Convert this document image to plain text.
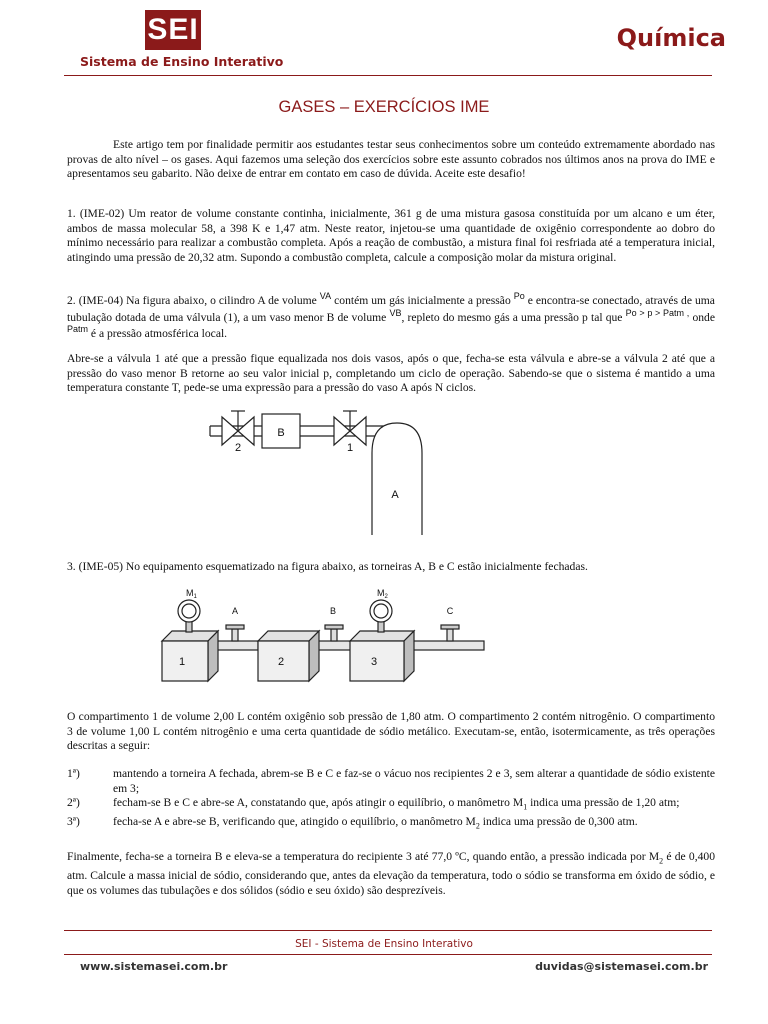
SEI
Sistema de Ensino Interativo
Química
GASES – EXERCÍCIOS IME
Este artigo tem por finalidade permitir aos estudantes testar seus conhecimentos sobre um conteúdo extremamente abordado nas provas de alto nível – os gases. Aqui fazemos uma seleção dos exercícios sobre este assunto cobrados nos últimos anos na prova do IME e apresentamos seu gabarito. Não deixe de entrar em contato em caso de dúvida. Aceite este desafio!
1. (IME-02) Um reator de volume constante continha, inicialmente, 361 g de uma mistura gasosa constituída por um alcano e um éter, ambos de massa molecular 58, a 398 K e 1,47 atm. Neste reator, injetou-se uma quantidade de oxigênio correspondente ao dobro do mínimo necessário para realizar a combustão completa. Após a reação de combustão, a mistura final foi resfriada até a temperatura inicial, atingindo uma pressão de 20,32 atm. Supondo a combustão completa, calcule a composição molar da mistura original.
2. (IME-04) Na figura abaixo, o cilindro A de volume $^{VA}$ contém um gás inicialmente a pressão $^{Po}$ e encontra-se conectado, através de uma tubulação dotada de uma válvula (1), a um vaso menor B de volume $^{VB}$, repleto do mesmo gás a uma pressão p tal que $^{Po > p > Patm ,}$ onde $^{Patm}$ é a pressão atmosférica local.
Abre-se a válvula 1 até que a pressão fique equalizada nos dois vasos, após o que, fecha-se esta válvula e abre-se a válvula 2 até que a pressão do vaso menor B retorne ao seu valor inicial p, completando um ciclo de operação. Sabendo-se que o sistema é mantido a uma temperatura constante T, pede-se uma expressão para a pressão do vaso A após N ciclos.
B
2	1
A
3. (IME-05) No equipamento esquematizado na figura abaixo, as torneiras A, B e C estão inicialmente fechadas.
$M_1$	$M_2$
A	B	C
1	2	3
O compartimento 1 de volume 2,00 L contém oxigênio sob pressão de 1,80 atm. O compartimento 2 contém nitrogênio. O compartimento 3 de volume 1,00 L contém nitrogênio e uma certa quantidade de sódio metálico. Executam-se, então, isotermicamente, as três operações descritas a seguir:
1ª)	mantendo a torneira A fechada, abrem-se B e C e faz-se o vácuo nos recipientes 2 e 3, sem alterar a quantidade de sódio existente em 3;
2ª)	fecham-se B e C e abre-se A, constatando que, após atingir o equilíbrio, o manômetro $M_1$ indica uma pressão de 1,20 atm;
3ª)	fecha-se A e abre-se B, verificando que, atingido o equilíbrio, o manômetro $M_2$ indica uma pressão de 0,300 atm.
Finalmente, fecha-se a torneira B e eleva-se a temperatura do recipiente 3 até 77,0 ºC, quando então, a pressão indicada por $M_2$ é de 0,400 atm. Calcule a massa inicial de sódio, considerando que, antes da elevação da temperatura, todo o sódio se transforma em óxido de sódio, e que os volumes das tubulações e dos sólidos (sódio e seu óxido) são desprezíveis.
SEI - Sistema de Ensino Interativo
www.sistemasei.com.br	duvidas@sistemasei.com.br
